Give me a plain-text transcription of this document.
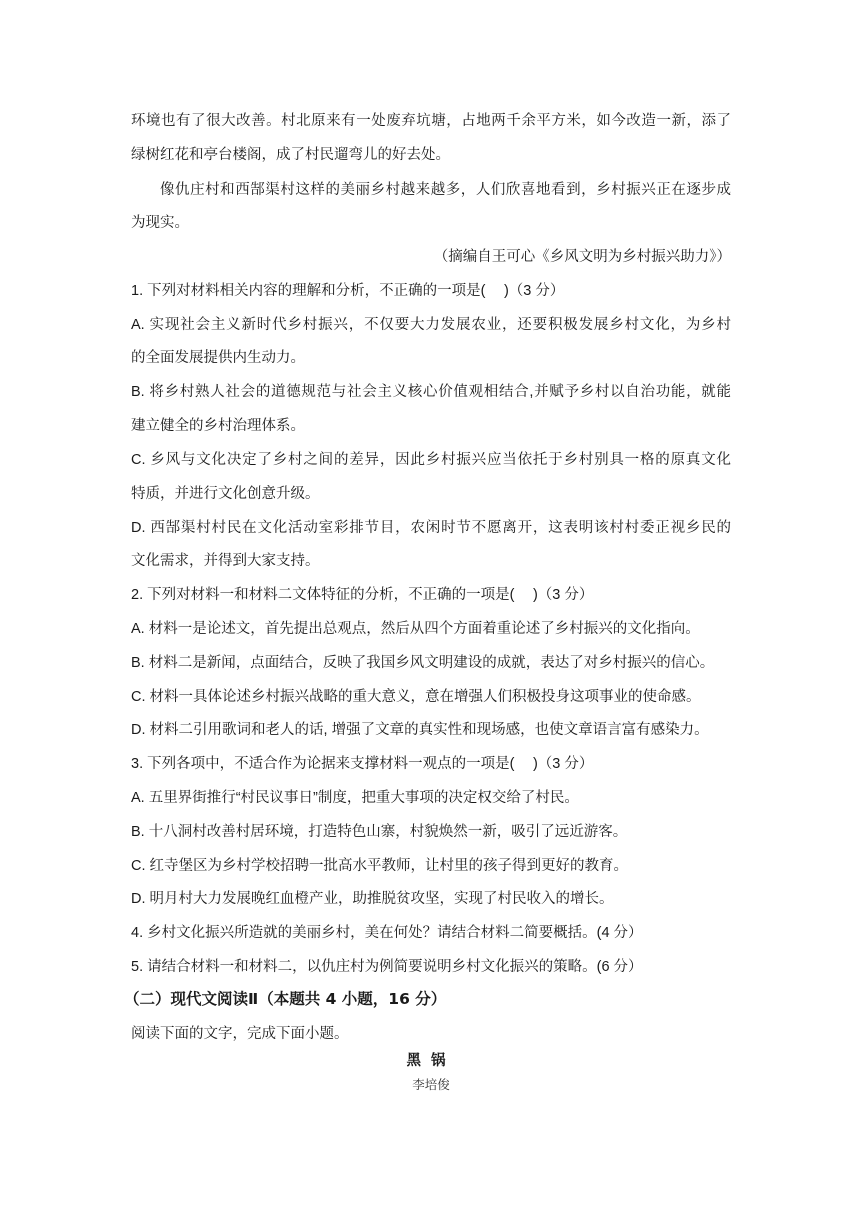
环境也有了很大改善。村北原来有一处废弃坑塘，占地两千余平方米，如今改造一新，添了
绿树红花和亭台楼阁，成了村民遛弯儿的好去处。
像仇庄村和西郜渠村这样的美丽乡村越来越多，人们欣喜地看到，乡村振兴正在逐步成
为现实。
（摘编自王可心《乡风文明为乡村振兴助力》）
1. 下列对材料相关内容的理解和分析，不正确的一项是(　 )（3 分）
A. 实现社会主义新时代乡村振兴，不仅要大力发展农业，还要积极发展乡村文化，为乡村
的全面发展提供内生动力。
B. 将乡村熟人社会的道德规范与社会主义核心价值观相结合,并赋予乡村以自治功能，就能
建立健全的乡村治理体系。
C. 乡风与文化决定了乡村之间的差异，因此乡村振兴应当依托于乡村别具一格的原真文化
特质，并进行文化创意升级。
D. 西郜渠村村民在文化活动室彩排节目，农闲时节不愿离开，这表明该村村委正视乡民的
文化需求，并得到大家支持。
2. 下列对材料一和材料二文体特征的分析，不正确的一项是(　 )（3 分）
A. 材料一是论述文，首先提出总观点，然后从四个方面着重论述了乡村振兴的文化指向。
B. 材料二是新闻，点面结合，反映了我国乡风文明建设的成就，表达了对乡村振兴的信心。
C. 材料一具体论述乡村振兴战略的重大意义，意在增强人们积极投身这项事业的使命感。
D. 材料二引用歌词和老人的话, 增强了文章的真实性和现场感，也使文章语言富有感染力。
3. 下列各项中，不适合作为论据来支撑材料一观点的一项是(　 )（3 分）
A. 五里界街推行“村民议事日”制度，把重大事项的决定权交给了村民。
B. 十八洞村改善村居环境，打造特色山寨，村貌焕然一新，吸引了远近游客。
C. 红寺堡区为乡村学校招聘一批高水平教师，让村里的孩子得到更好的教育。
D. 明月村大力发展晚红血橙产业，助推脱贫攻坚，实现了村民收入的增长。
4. 乡村文化振兴所造就的美丽乡村，美在何处？请结合材料二简要概括。(4 分）
5. 请结合材料一和材料二，以仇庄村为例简要说明乡村文化振兴的策略。(6 分）
（二）现代文阅读Ⅱ（本题共 4 小题，16 分）
阅读下面的文字，完成下面小题。
黑锅
李培俊
